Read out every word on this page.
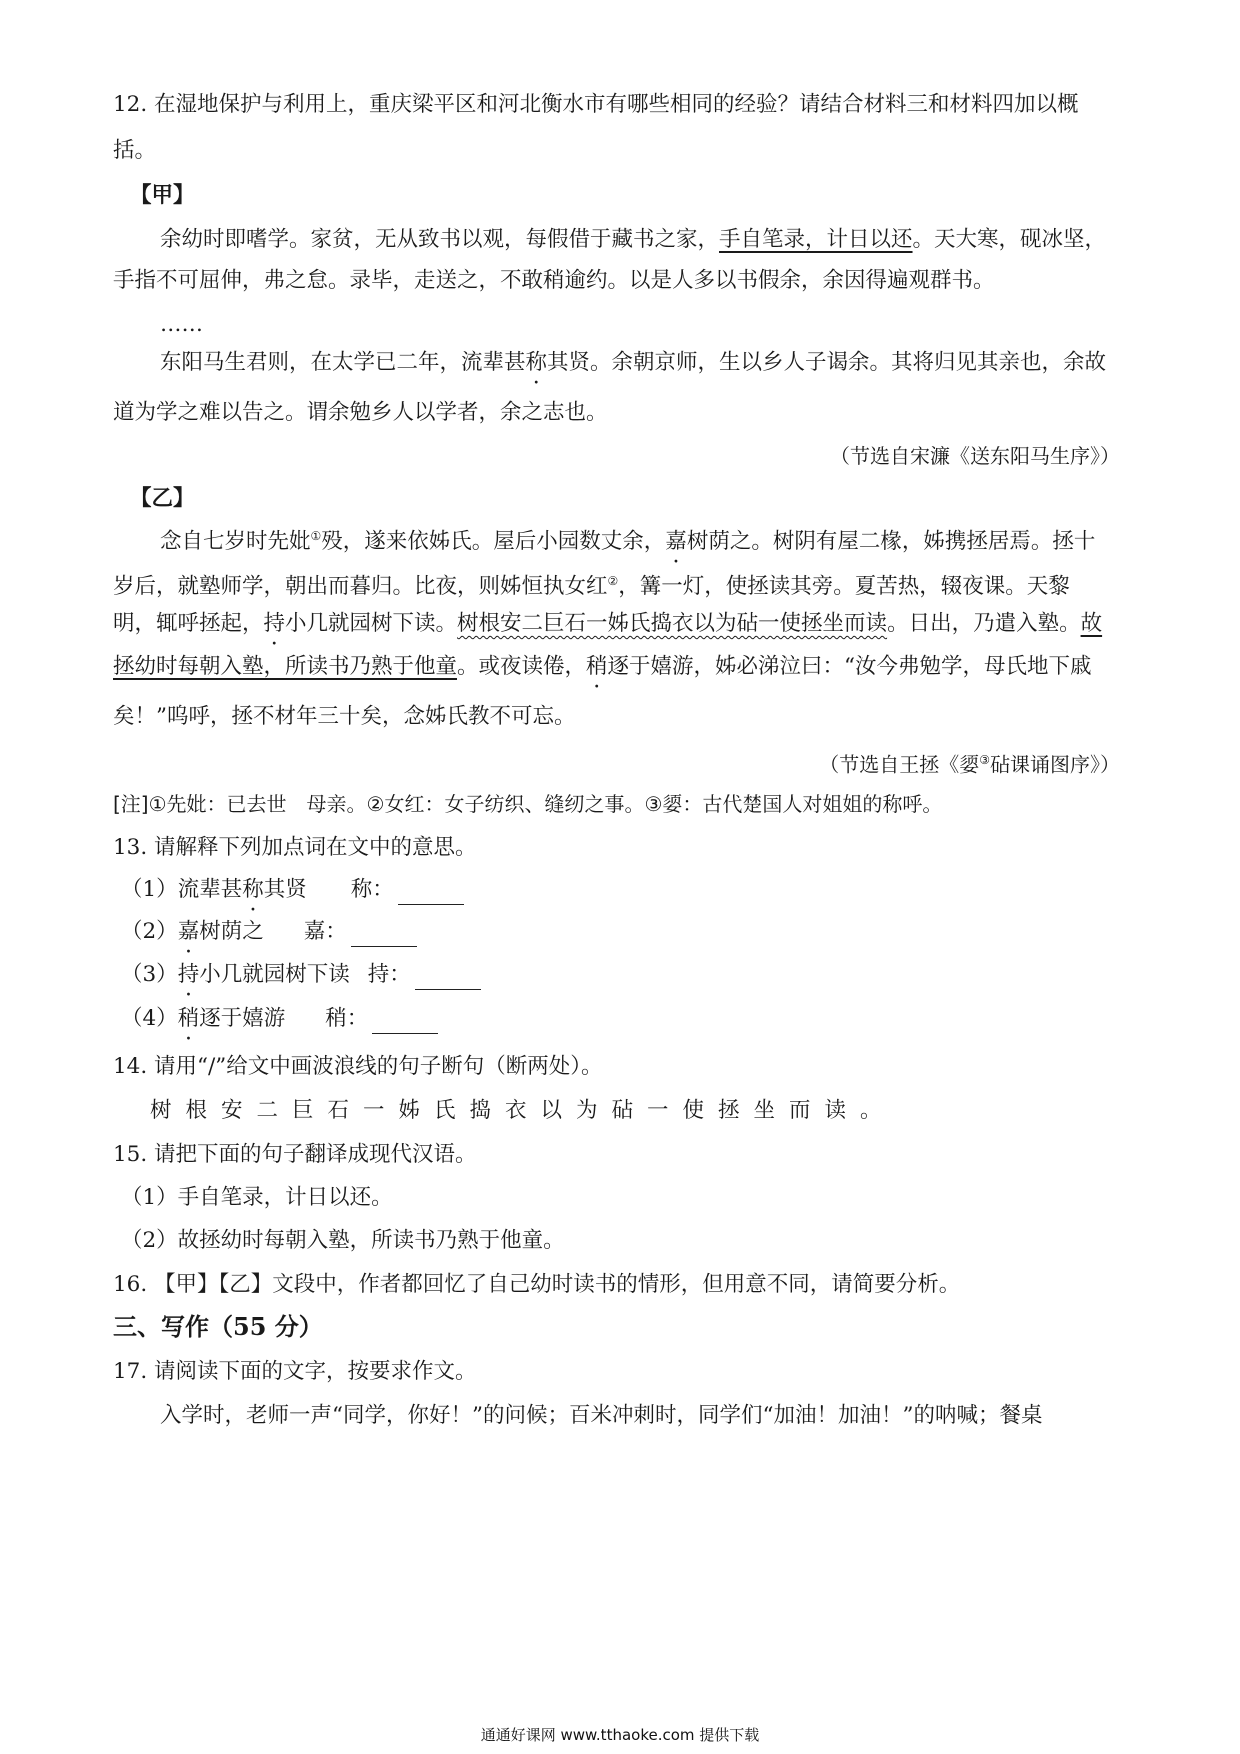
12. 在湿地保护与利用上，重庆梁平区和河北衡水市有哪些相同的经验？请结合材料三和材料四加以概
括。
【甲】
余幼时即嗜学。家贫，无从致书以观，每假借于藏书之家，手自笔录，计日以还。天大寒，砚冰坚，
手指不可屈伸，弗之怠。录毕，走送之，不敢稍逾约。以是人多以书假余，余因得遍观群书。
……
东阳马生君则，在太学已二年，流辈甚称其贤。余朝京师，生以乡人子谒余。其将归见其亲也，余故
道为学之难以告之。谓余勉乡人以学者，余之志也。
（节选自宋濂《送东阳马生序》）
【乙】
念自七岁时先妣①殁，遂来依姊氏。屋后小园数丈余，嘉树荫之。树阴有屋二椽，姊携拯居焉。拯十
岁后，就塾师学，朝出而暮归。比夜，则姊恒执女红②，篝一灯，使拯读其旁。夏苦热，辍夜课。天黎
明，辄呼拯起，持小几就园树下读。树根安二巨石一姊氏捣衣以为砧一使拯坐而读。日出，乃遣入塾。故
拯幼时每朝入塾，所读书乃熟于他童。或夜读倦，稍逐于嬉游，姊必涕泣曰：“汝今弗勉学，母氏地下戚
矣！”呜呼，拯不材年三十矣，念姊氏教不可忘。
（节选自王拯《媭③砧课诵图序》）
[注]①先妣：已去世　母亲。②女红：女子纺织、缝纫之事。③媭：古代楚国人对姐姐的称呼。
13. 请解释下列加点词在文中的意思。
（1）流辈甚称其贤 称：
（2）嘉树荫之 嘉：
（3）持小几就园树下读 持：
（4）稍逐于嬉游 稍：
14. 请用“/”给文中画波浪线的句子断句（断两处）。
树根安二巨石一姊氏捣衣以为砧一使拯坐而读。
15. 请把下面的句子翻译成现代汉语。
（1）手自笔录，计日以还。
（2）故拯幼时每朝入塾，所读书乃熟于他童。
16. 【甲】【乙】文段中，作者都回忆了自己幼时读书的情形，但用意不同，请简要分析。
三、写作（55 分）
17. 请阅读下面的文字，按要求作文。
入学时，老师一声“同学，你好！”的问候；百米冲刺时，同学们“加油！加油！”的呐喊；餐桌
通通好课网 www.tthaoke.com 提供下载
